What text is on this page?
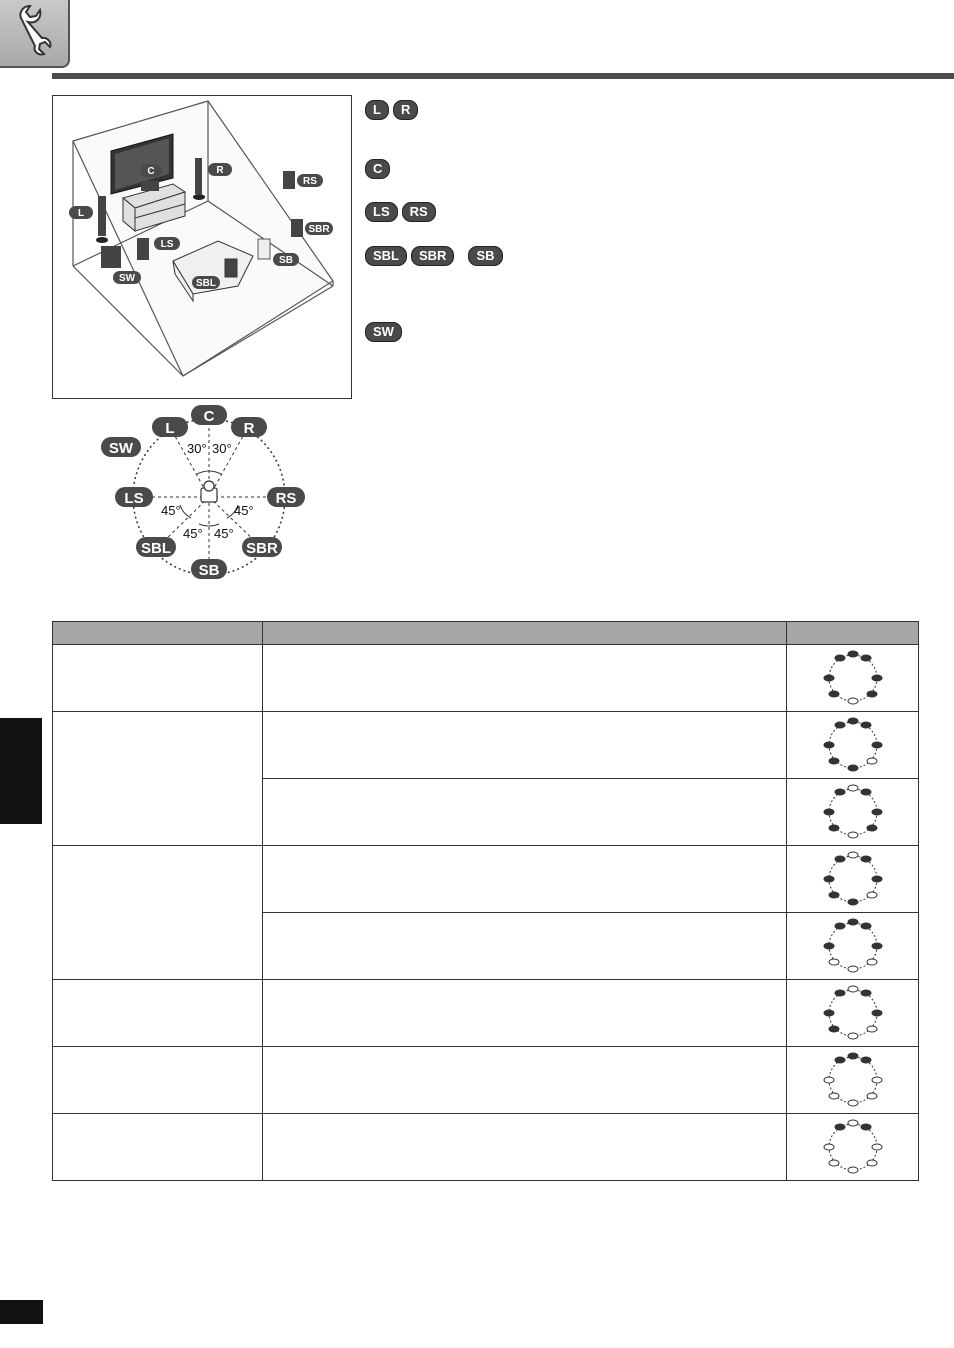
C	R
RS
L
SBR
LS
SB
SW	SBL
L	R
C
LS	RS
SBL	SBR	SB
SW
30° 30°
45°	45°
45° 45°
C
L	R
SW
LS	RS
SBL	SBR
SB
